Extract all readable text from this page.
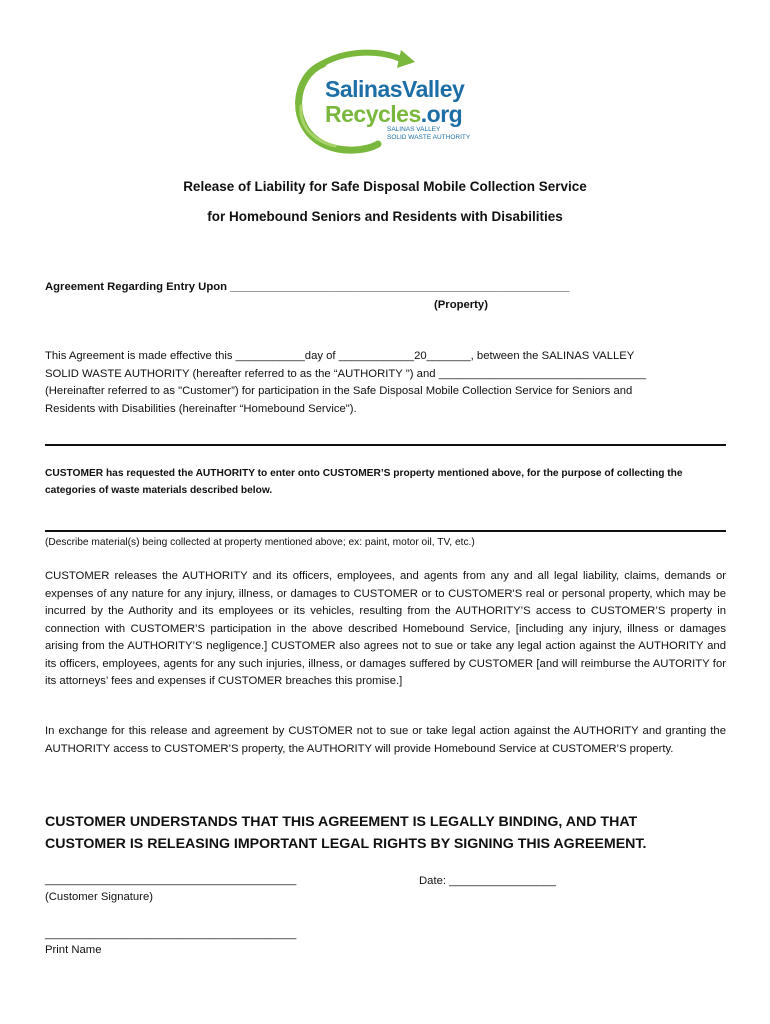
SalinasValley
Recycles.org
SALINAS VALLEY
SOLID WASTE AUTHORITY
Release of Liability for Safe Disposal Mobile Collection Service
for Homebound Seniors and Residents with Disabilities
Agreement Regarding Entry Upon ______________________________________________________
(Property)
This Agreement is made effective this ___________day of ____________20_______, between the SALINAS VALLEY
SOLID WASTE AUTHORITY (hereafter referred to as the “AUTHORITY ") and _________________________________
(Hereinafter referred to as "Customer”) for participation in the Safe Disposal Mobile Collection Service for Seniors and
Residents with Disabilities (hereinafter “Homebound Service").
CUSTOMER has requested the AUTHORITY to enter onto CUSTOMER’S property mentioned above, for the purpose of collecting the
categories of waste materials described below.
(Describe material(s) being collected at property mentioned above; ex: paint, motor oil, TV, etc.)
CUSTOMER releases the AUTHORITY and its officers, employees, and agents from any and all legal liability, claims, demands or expenses of any nature for any injury, illness, or damages to CUSTOMER or to CUSTOMER'S real or personal property, which may be incurred by the Authority and its employees or its vehicles, resulting from the AUTHORITY’S access to CUSTOMER’S property in connection with CUSTOMER’S participation in the above described Homebound Service, [including any injury, illness or damages arising from the AUTHORITY’S negligence.] CUSTOMER also agrees not to sue or take any legal action against the AUTHORITY and its officers, employees, agents for any such injuries, illness, or damages suffered by CUSTOMER [and will reimburse the AUTORITY for its attorneys’ fees and expenses if CUSTOMER breaches this promise.]
In exchange for this release and agreement by CUSTOMER not to sue or take legal action against the AUTHORITY and granting the AUTHORITY access to CUSTOMER’S property, the AUTHORITY will provide Homebound Service at CUSTOMER’S property.
CUSTOMER UNDERSTANDS THAT THIS AGREEMENT IS LEGALLY BINDING, AND THAT
CUSTOMER IS RELEASING IMPORTANT LEGAL RIGHTS BY SIGNING THIS AGREEMENT.
________________________________________
(Customer Signature)
Date: _________________
________________________________________
Print Name
